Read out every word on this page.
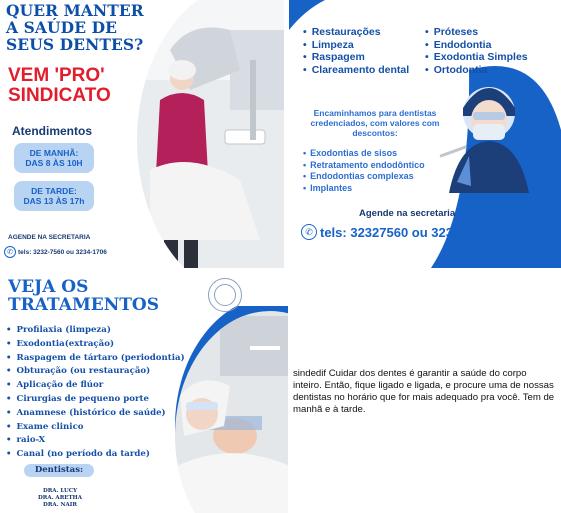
QUER MANTER A SAÚDE DE SEUS DENTES?
VEM 'PRO' SINDICATO
Atendimentos
DE MANHÃ:
DAS 8 ÀS 10H
DE TARDE:
DAS 13 ÀS 17h
AGENDE NA SECRETARIA
✆ tels: 3232-7560 ou 3234-1706
• Restaurações
• Limpeza
• Raspagem
• Clareamento dental
• Próteses
• Endodontia
• Exodontia Simples
• Ortodontia
Encaminhamos para dentistas credenciados, com valores com descontos:
• Exodontias de sisos
• Retratamento endodôntico
• Endodontias complexas
• Implantes
Agende na secretaria
✆ tels: 32327560 ou 32341706
VEJA OS TRATAMENTOS
• Profilaxia (limpeza)
• Exodontia(extração)
• Raspagem de tártaro (periodontia)
• Obturação (ou restauração)
• Aplicação de flúor
• Cirurgias de pequeno porte
• Anamnese (histórico de saúde)
• Exame clinico
• raio-X
• Canal (no período da tarde)
Dentistas:
DRA. LUCY
DRA. ARETHA
DRA. NAIR
sindedif Cuidar dos dentes é garantir a saúde do corpo inteiro. Então, fique ligado e ligada, e procure uma de nossas dentistas no horário que for mais adequado pra você. Tem de manhã e à tarde.
